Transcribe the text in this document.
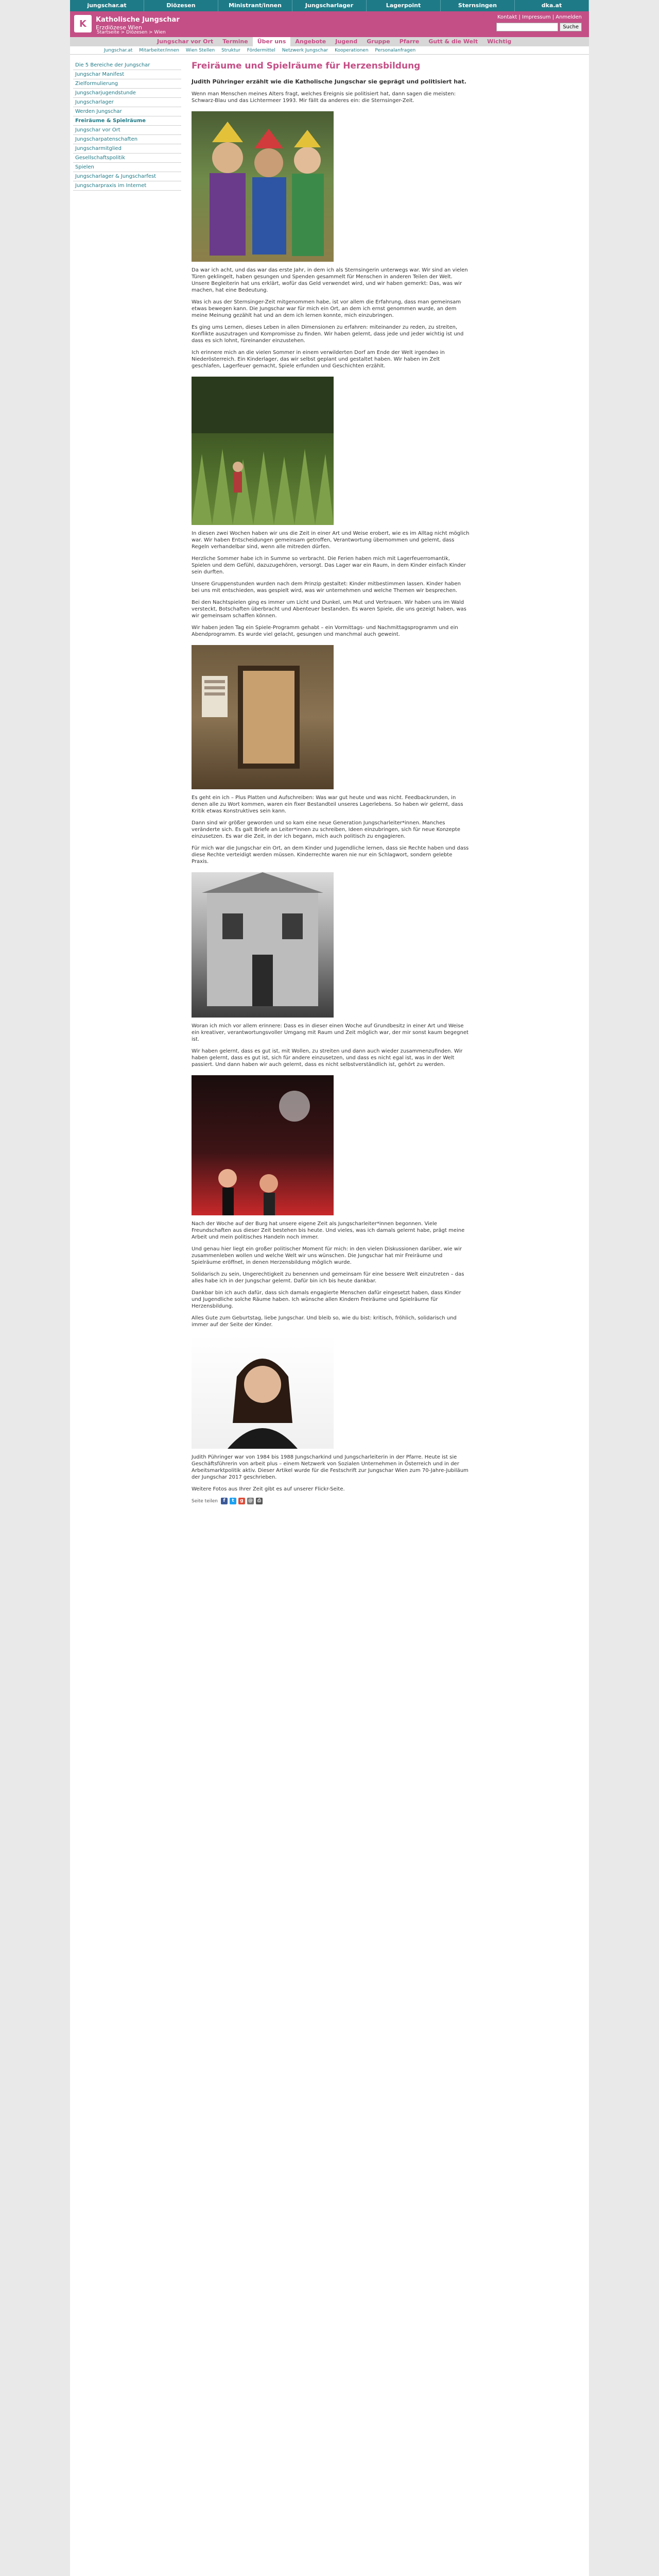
jungschar.at	Diözesen	Ministrant/innen	Jungscharlager	Lagerpoint	Sternsingen	dka.at
K Katholische Jungschar
Erzdiözese Wien
Kontakt | Impressum | Anmelden
Suche
Jungschar vor Ort	Termine	Über uns	Angebote	Jugend	Gruppe	Pfarre	Gutt & die Welt	Wichtig
Jungschar.at Mitarbeiter/innen Wien Stellen Struktur Fördermittel Netzwerk Jungschar Kooperationen Personalanfragen
Die 5 Bereiche der Jungschar
Jungschar Manifest
Zielformulierung
Jungscharjugendstunde
Jungscharlager
Werden Jungschar
Freiräume & Spielräume
Jungschar vor Ort
Jungscharpatenschaften
Jungscharmitglied
Gesellschaftspolitik
Spielen
Jungscharlager & Jungscharfest
Jungscharpraxis im Internet
Freiräume und Spielräume für Herzensbildung
Judith Pühringer erzählt wie die Katholische Jungschar sie geprägt und politisiert hat.

Wenn man Menschen meines Alters fragt, welches Ereignis sie politisiert hat, dann sagen die meisten: Schwarz-Blau und das Lichtermeer 1993. Mir fällt da anderes ein: die Sternsinger-Zeit.

Da war ich acht, und das war das erste Jahr, in dem ich als Sternsingerin unterwegs war. Wir sind an vielen Türen geklingelt, haben gesungen und Spenden gesammelt für Menschen in anderen Teilen der Welt. Unsere Begleiterin hat uns erklärt, wofür das Geld verwendet wird, und wir haben gemerkt: Das, was wir machen, hat eine Bedeutung.

Was ich aus der Sternsinger-Zeit mitgenommen habe, ist vor allem die Erfahrung, dass man gemeinsam etwas bewegen kann. Die Jungschar war für mich ein Ort, an dem ich ernst genommen wurde, an dem meine Meinung gezählt hat und an dem ich lernen konnte, mich einzubringen.

Es ging ums Lernen, dieses Leben in allen Dimensionen zu erfahren: miteinander zu reden, zu streiten, Konflikte auszutragen und Kompromisse zu finden. Wir haben gelernt, dass jede und jeder wichtig ist und dass es sich lohnt, füreinander einzustehen.

Ich erinnere mich an die vielen Sommer in einem verwilderten Dorf am Ende der Welt irgendwo in Niederösterreich. Ein Kinderlager, das wir selbst geplant und gestaltet haben. Wir haben im Zelt geschlafen, Lagerfeuer gemacht, Spiele erfunden und Geschichten erzählt.

In diesen zwei Wochen haben wir uns die Zeit in einer Art und Weise erobert, wie es im Alltag nicht möglich war. Wir haben Entscheidungen gemeinsam getroffen, Verantwortung übernommen und gelernt, dass Regeln verhandelbar sind, wenn alle mitreden dürfen.

Herzliche Sommer habe ich in Summe so verbracht. Die Ferien haben mich mit Lagerfeuerromantik, Spielen und dem Gefühl, dazuzugehören, versorgt. Das Lager war ein Raum, in dem Kinder einfach Kinder sein durften.

Unsere Gruppenstunden wurden nach dem Prinzip gestaltet: Kinder mitbestimmen lassen. Kinder haben bei uns mit entschieden, was gespielt wird, was wir unternehmen und welche Themen wir besprechen.

Bei den Nachtspielen ging es immer um Licht und Dunkel, um Mut und Vertrauen. Wir haben uns im Wald versteckt, Botschaften überbracht und Abenteuer bestanden. Es waren Spiele, die uns gezeigt haben, was wir gemeinsam schaffen können.

Wir haben jeden Tag ein Spiele-Programm gehabt – ein Vormittags- und Nachmittagsprogramm und ein Abendprogramm. Es wurde viel gelacht, gesungen und manchmal auch geweint.

Es geht ein ich – Plus Platten und Aufschreiben: Was war gut heute und was nicht. Feedbackrunden, in denen alle zu Wort kommen, waren ein fixer Bestandteil unseres Lagerlebens. So haben wir gelernt, dass Kritik etwas Konstruktives sein kann.

Dann sind wir größer geworden und so kam eine neue Generation Jungscharleiter*innen. Manches veränderte sich. Es galt Briefe an Leiter*innen zu schreiben, Ideen einzubringen, sich für neue Konzepte einzusetzen. Es war die Zeit, in der ich begann, mich auch politisch zu engagieren.

Für mich war die Jungschar ein Ort, an dem Kinder und Jugendliche lernen, dass sie Rechte haben und dass diese Rechte verteidigt werden müssen. Kinderrechte waren nie nur ein Schlagwort, sondern gelebte Praxis.

Woran ich mich vor allem erinnere: Dass es in dieser einen Woche auf Grundbesitz in einer Art und Weise ein kreativer, verantwortungsvoller Umgang mit Raum und Zeit möglich war, der mir sonst kaum begegnet ist.

Wir haben gelernt, dass es gut ist, mit Wollen, zu streiten und dann auch wieder zusammenzufinden. Wir haben gelernt, dass es gut ist, sich für andere einzusetzen, und dass es nicht egal ist, was in der Welt passiert. Und dann haben wir auch gelernt, dass es nicht selbstverständlich ist, gehört zu werden.

Nach der Woche auf der Burg hat unsere eigene Zeit als Jungscharleiter*innen begonnen. Viele Freundschaften aus dieser Zeit bestehen bis heute. Und vieles, was ich damals gelernt habe, prägt meine Arbeit und mein politisches Handeln noch immer.

Und genau hier liegt ein großer politischer Moment für mich: in den vielen Diskussionen darüber, wie wir zusammenleben wollen und welche Welt wir uns wünschen. Die Jungschar hat mir Freiräume und Spielräume eröffnet, in denen Herzensbildung möglich wurde.

Solidarisch zu sein, Ungerechtigkeit zu benennen und gemeinsam für eine bessere Welt einzutreten – das alles habe ich in der Jungschar gelernt. Dafür bin ich bis heute dankbar.

Dankbar bin ich auch dafür, dass sich damals engagierte Menschen dafür eingesetzt haben, dass Kinder und Jugendliche solche Räume haben. Ich wünsche allen Kindern Freiräume und Spielräume für Herzensbildung.

Alles Gute zum Geburtstag, liebe Jungschar. Und bleib so, wie du bist: kritisch, fröhlich, solidarisch und immer auf der Seite der Kinder.

Judith Pühringer war von 1984 bis 1988 Jungscharkind und Jungscharleiterin in der Pfarre. Heute ist sie Geschäftsführerin von arbeit plus – einem Netzwerk von Sozialen Unternehmen in Österreich und in der Arbeitsmarktpolitik aktiv. Dieser Artikel wurde für die Festschrift zur Jungschar Wien zum 70-Jahre-Jubiläum der Jungschar 2017 geschrieben.

Weitere Fotos aus Ihrer Zeit gibt es auf unserer Flickr-Seite.

Seite teilen	f	t	g	@ ⎙
Startseite > Diözesen > Wien
